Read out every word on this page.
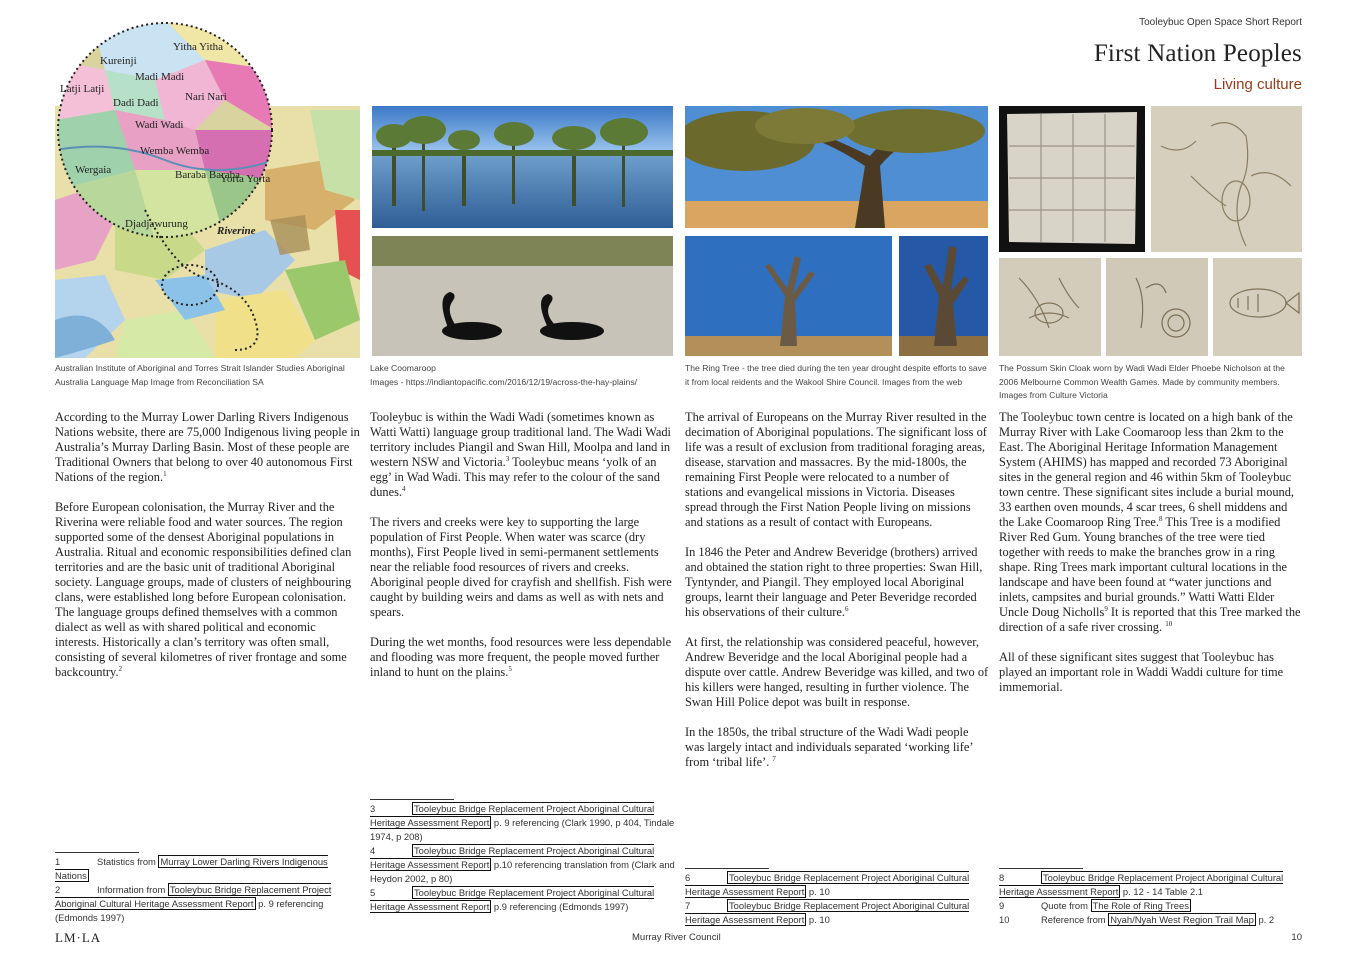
Tooleybuc Open Space Short Report
First Nation Peoples
Living culture
Yitha Yitha
Kureinji
Madi Madi
Latji Latji
Nari Nari
Dadi Dadi
Wadi Wadi
Wemba Wemba
Wergaia	Baraba Baraba
Yorta Yorta
Djadjawurung
Riverine
Australian Institute of Aboriginal and Torres Strait Islander Studies Aboriginal Australia Language Map Image from Reconciliation SA

According to the Murray Lower Darling Rivers Indigenous Nations website, there are 75,000 Indigenous living people in Australia’s Murray Darling Basin. Most of these people are Traditional Owners that belong to over 40 autonomous First Nations of the region.$^1$

Before European colonisation, the Murray River and the Riverina were reliable food and water sources. The region supported some of the densest Aboriginal populations in Australia. Ritual and economic responsibilities defined clan territories and are the basic unit of traditional Aboriginal society. Language groups, made of clusters of neighbouring clans, were established long before European colonisation. The language groups defined themselves with a common dialect as well as with shared political and economic interests. Historically a clan’s territory was often small, consisting of several kilometres of river frontage and some backcountry.$^2$

1	Statistics from Murray Lower Darling Rivers Indigenous Nations
2	Information from Tooleybuc Bridge Replacement Project Aboriginal Cultural Heritage Assessment Report p. 9 referencing (Edmonds 1997)
Lake Coomaroop
Images - https://indiantopacific.com/2016/12/19/across-the-hay-plains/

Tooleybuc is within the Wadi Wadi (sometimes known as Watti Watti) language group traditional land. The Wadi Wadi territory includes Piangil and Swan Hill, Moolpa and land in western NSW and Victoria.$^3$ Tooleybuc means ‘yolk of an egg’ in Wad Wadi. This may refer to the colour of the sand dunes.$^4$

The rivers and creeks were key to supporting the large population of First People. When water was scarce (dry months), First People lived in semi-permanent settlements near the reliable food resources of rivers and creeks. Aboriginal people dived for crayfish and shellfish. Fish were caught by building weirs and dams as well as with nets and spears.

During the wet months, food resources were less dependable and flooding was more frequent, the people moved further inland to hunt on the plains.$^5$

3	Tooleybuc Bridge Replacement Project Aboriginal Cultural Heritage Assessment Report p. 9 referencing (Clark 1990, p 404, Tindale 1974, p 208)
4	Tooleybuc Bridge Replacement Project Aboriginal Cultural Heritage Assessment Report p.10 referencing translation from (Clark and Heydon 2002, p 80)
5	Tooleybuc Bridge Replacement Project Aboriginal Cultural Heritage Assessment Report p.9 referencing (Edmonds 1997)
The Ring Tree - the tree died during the ten year drought despite efforts to save it from local reidents and the Wakool Shire Council. Images from the web

The arrival of Europeans on the Murray River resulted in the decimation of Aboriginal populations. The significant loss of life was a result of exclusion from traditional foraging areas, disease, starvation and massacres. By the mid-1800s, the remaining First People were relocated to a number of stations and evangelical missions in Victoria. Diseases spread through the First Nation People living on missions and stations as a result of contact with Europeans.

In 1846 the Peter and Andrew Beveridge (brothers) arrived and obtained the station right to three properties: Swan Hill, Tyntynder, and Piangil. They employed local Aboriginal groups, learnt their language and Peter Beveridge recorded his observations of their culture.$^6$

At first, the relationship was considered peaceful, however, Andrew Beveridge and the local Aboriginal people had a dispute over cattle. Andrew Beveridge was killed, and two of his killers were hanged, resulting in further violence. The Swan Hill Police depot was built in response.

In the 1850s, the tribal structure of the Wadi Wadi people was largely intact and individuals separated ‘working life’ from ‘tribal life’. $^7$

6	Tooleybuc Bridge Replacement Project Aboriginal Cultural Heritage Assessment Report p. 10
7	Tooleybuc Bridge Replacement Project Aboriginal Cultural Heritage Assessment Report p. 10
The Possum Skin Cloak worn by Wadi Wadi Elder Phoebe Nicholson at the 2006 Melbourne Common Wealth Games. Made by community members. Images from Culture Victoria

The Tooleybuc town centre is located on a high bank of the Murray River with Lake Coomaroop less than 2km to the East. The Aboriginal Heritage Information Management System (AHIMS) has mapped and recorded 73 Aboriginal sites in the general region and 46 within 5km of Tooleybuc town centre. These significant sites include a burial mound, 33 earthen oven mounds, 4 scar trees, 6 shell middens and the Lake Coomaroop Ring Tree.$^8$ This Tree is a modified River Red Gum. Young branches of the tree were tied together with reeds to make the branches grow in a ring shape. Ring Trees mark important cultural locations in the landscape and have been found at “water junctions and inlets, campsites and burial grounds.” Watti Watti Elder Uncle Doug Nicholls$^9$ It is reported that this Tree marked the direction of a safe river crossing. $^{10}$

All of these significant sites suggest that Tooleybuc has played an important role in Waddi Waddi culture for time immemorial.

8	Tooleybuc Bridge Replacement Project Aboriginal Cultural Heritage Assessment Report p. 12 - 14 Table 2.1
9	Quote from The Role of Ring Trees
10	Reference from Nyah/Nyah West Region Trail Map p. 2
LM·LA	Murray River Council	10
